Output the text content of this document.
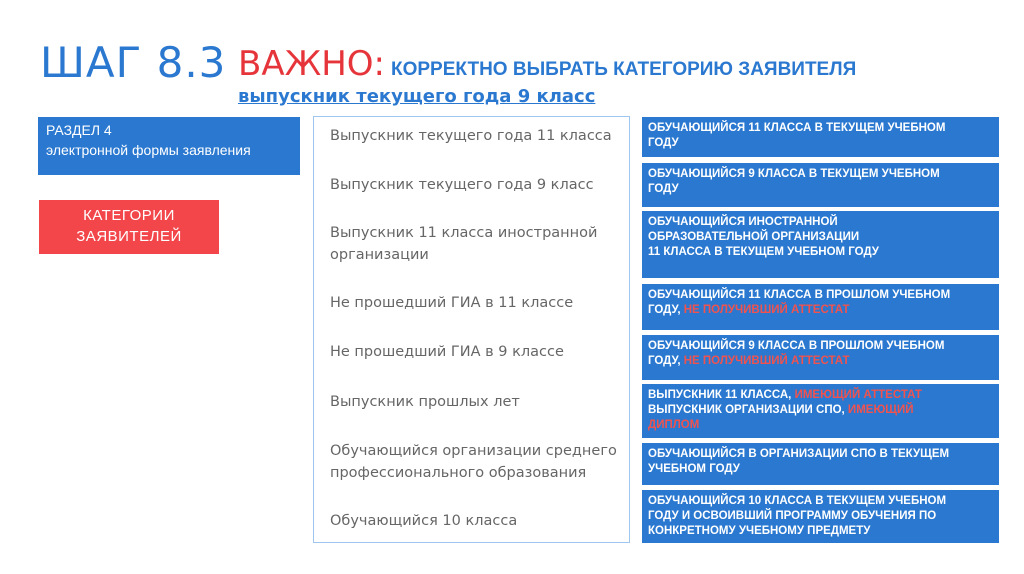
ШАГ 8.3 ВАЖНО: КОРРЕКТНО ВЫБРАТЬ КАТЕГОРИЮ ЗАЯВИТЕЛЯ
выпускник текущего года 9 класс
РАЗДЕЛ 4
электронной формы заявления
КАТЕГОРИИ
ЗАЯВИТЕЛЕЙ
Выпускник текущего года 11 класса
Выпускник текущего года 9 класс
Выпускник 11 класса иностранной
организации
Не прошедший ГИА в 11 классе
Не прошедший ГИА в 9 классе
Выпускник прошлых лет
Обучающийся организации среднего
профессионального образования
Обучающийся 10 класса
ОБУЧАЮЩИЙСЯ 11 КЛАССА В ТЕКУЩЕМ УЧЕБНОМ
ГОДУ
ОБУЧАЮЩИЙСЯ 9 КЛАССА В ТЕКУЩЕМ УЧЕБНОМ
ГОДУ
ОБУЧАЮЩИЙСЯ ИНОСТРАННОЙ
ОБРАЗОВАТЕЛЬНОЙ ОРГАНИЗАЦИИ
11 КЛАССА В ТЕКУЩЕМ УЧЕБНОМ ГОДУ
ОБУЧАЮЩИЙСЯ 11 КЛАССА В ПРОШЛОМ УЧЕБНОМ
ГОДУ, НЕ ПОЛУЧИВШИЙ АТТЕСТАТ
ОБУЧАЮЩИЙСЯ 9 КЛАССА В ПРОШЛОМ УЧЕБНОМ
ГОДУ, НЕ ПОЛУЧИВШИЙ АТТЕСТАТ
ВЫПУСКНИК 11 КЛАССА, ИМЕЮЩИЙ АТТЕСТАТ
ВЫПУСКНИК ОРГАНИЗАЦИИ СПО, ИМЕЮЩИЙ
ДИПЛОМ
ОБУЧАЮЩИЙСЯ В ОРГАНИЗАЦИИ СПО В ТЕКУЩЕМ
УЧЕБНОМ ГОДУ
ОБУЧАЮЩИЙСЯ 10 КЛАССА В ТЕКУЩЕМ УЧЕБНОМ
ГОДУ И ОСВОИВШИЙ ПРОГРАММУ ОБУЧЕНИЯ ПО
КОНКРЕТНОМУ УЧЕБНОМУ ПРЕДМЕТУ
